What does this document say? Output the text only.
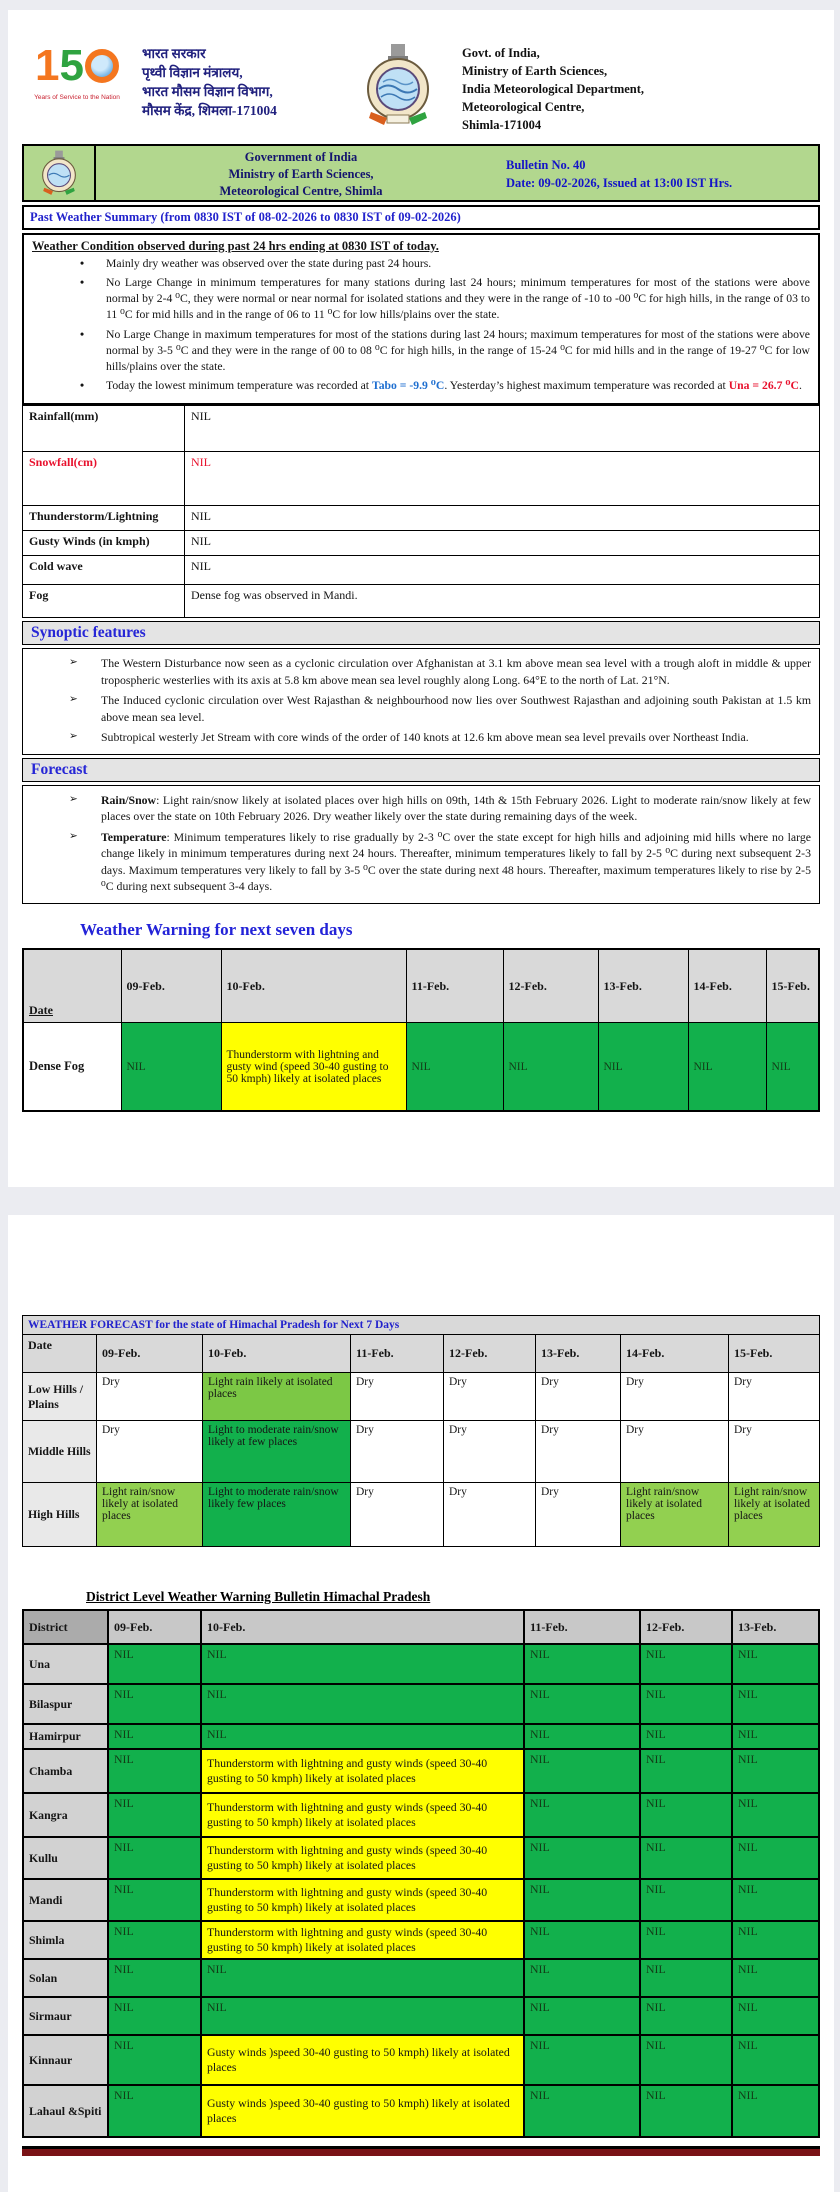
1 5
Years of Service to the Nation
भारत सरकार
पृथ्वी विज्ञान मंत्रालय,
भारत मौसम विज्ञान विभाग,
मौसम केंद्र, शिमला-171004
Govt. of India,
Ministry of Earth Sciences,
India Meteorological Department,
Meteorological Centre,
Shimla-171004
Government of India
Ministry of Earth Sciences,
Meteorological Centre, Shimla
Bulletin No. 40
Date: 09-02-2026, Issued at 13:00 IST Hrs.
Past Weather Summary (from 0830 IST of 08-02-2026 to 0830 IST of 09-02-2026)
Weather Condition observed during past 24 hrs ending at 0830 IST of today.
• Mainly dry weather was observed over the state during past 24 hours.
• No Large Change in minimum temperatures for many stations during last 24 hours; minimum temperatures for most of the stations were above normal by 2-4 ⁰C, they were normal or near normal for isolated stations and they were in the range of -10 to -00 ⁰C for high hills, in the range of 03 to 11 ⁰C for mid hills and in the range of 06 to 11 ⁰C for low hills/plains over the state.
• No Large Change in maximum temperatures for most of the stations during last 24 hours; maximum temperatures for most of the stations were above normal by 3-5 ⁰C and they were in the range of 00 to 08 ⁰C for high hills, in the range of 15-24 ⁰C for mid hills and in the range of 19-27 ⁰C for low hills/plains over the state.
• Today the lowest minimum temperature was recorded at Tabo = -9.9 ⁰C. Yesterday’s highest maximum temperature was recorded at Una = 26.7 ⁰C.
Rainfall(mm)	NIL
Snowfall(cm)	NIL
Thunderstorm/Lightning	NIL
Gusty Winds (in kmph)	NIL
Cold wave	NIL
Fog	Dense fog was observed in Mandi.
Synoptic features
➢ The Western Disturbance now seen as a cyclonic circulation over Afghanistan at 3.1 km above mean sea level with a trough aloft in middle & upper tropospheric westerlies with its axis at 5.8 km above mean sea level roughly along Long. 64°E to the north of Lat. 21°N.
➢ The Induced cyclonic circulation over West Rajasthan & neighbourhood now lies over Southwest Rajasthan and adjoining south Pakistan at 1.5 km above mean sea level.
➢ Subtropical westerly Jet Stream with core winds of the order of 140 knots at 12.6 km above mean sea level prevails over Northeast India.
Forecast
➢ Rain/Snow: Light rain/snow likely at isolated places over high hills on 09th, 14th & 15th February 2026. Light to moderate rain/snow likely at few places over the state on 10th February 2026. Dry weather likely over the state during remaining days of the week.
➢ Temperature: Minimum temperatures likely to rise gradually by 2-3 ⁰C over the state except for high hills and adjoining mid hills where no large change likely in minimum temperatures during next 24 hours. Thereafter, minimum temperatures likely to fall by 2-5 ⁰C during next subsequent 2-3 days. Maximum temperatures very likely to fall by 3-5 ⁰C over the state during next 48 hours. Thereafter, maximum temperatures likely to rise by 2-5 ⁰C during next subsequent 3-4 days.
Weather Warning for next seven days
Date	09-Feb.	10-Feb.	11-Feb.	12-Feb.	13-Feb.	14-Feb.	15-Feb.
Dense Fog	NIL	Thunderstorm with lightning and gusty wind (speed 30-40 gusting to 50 kmph) likely at isolated places	NIL	NIL	NIL	NIL	NIL
WEATHER FORECAST for the state of Himachal Pradesh for Next 7 Days							
Date	09-Feb.	10-Feb.	11-Feb.	12-Feb.	13-Feb.	14-Feb.	15-Feb.
Low Hills / Plains	Dry	Light rain likely at isolated places	Dry	Dry	Dry	Dry	Dry
Middle Hills	Dry	Light to moderate rain/snow likely at few places	Dry	Dry	Dry	Dry	Dry
High Hills	Light rain/snow likely at isolated places	Light to moderate rain/snow likely few places	Dry	Dry	Dry	Light rain/snow likely at isolated places	Light rain/snow likely at isolated places
District Level Weather Warning Bulletin Himachal Pradesh
District	09-Feb.	10-Feb.	11-Feb.	12-Feb.	13-Feb.
Una	NIL	NIL	NIL	NIL	NIL
Bilaspur	NIL	NIL	NIL	NIL	NIL
Hamirpur	NIL	NIL	NIL	NIL	NIL
Chamba	NIL	Thunderstorm with lightning and gusty winds (speed 30-40 gusting to 50 kmph) likely at isolated places	NIL	NIL	NIL
Kangra	NIL	Thunderstorm with lightning and gusty winds (speed 30-40 gusting to 50 kmph) likely at isolated places	NIL	NIL	NIL
Kullu	NIL	Thunderstorm with lightning and gusty winds (speed 30-40 gusting to 50 kmph) likely at isolated places	NIL	NIL	NIL
Mandi	NIL	Thunderstorm with lightning and gusty winds (speed 30-40 gusting to 50 kmph) likely at isolated places	NIL	NIL	NIL
Shimla	NIL	Thunderstorm with lightning and gusty winds (speed 30-40 gusting to 50 kmph) likely at isolated places	NIL	NIL	NIL
Solan	NIL	NIL	NIL	NIL	NIL
Sirmaur	NIL	NIL	NIL	NIL	NIL
Kinnaur	NIL	Gusty winds )speed 30-40 gusting to 50 kmph) likely at isolated places	NIL	NIL	NIL
Lahaul &Spiti	NIL	Gusty winds )speed 30-40 gusting to 50 kmph) likely at isolated places	NIL	NIL	NIL
